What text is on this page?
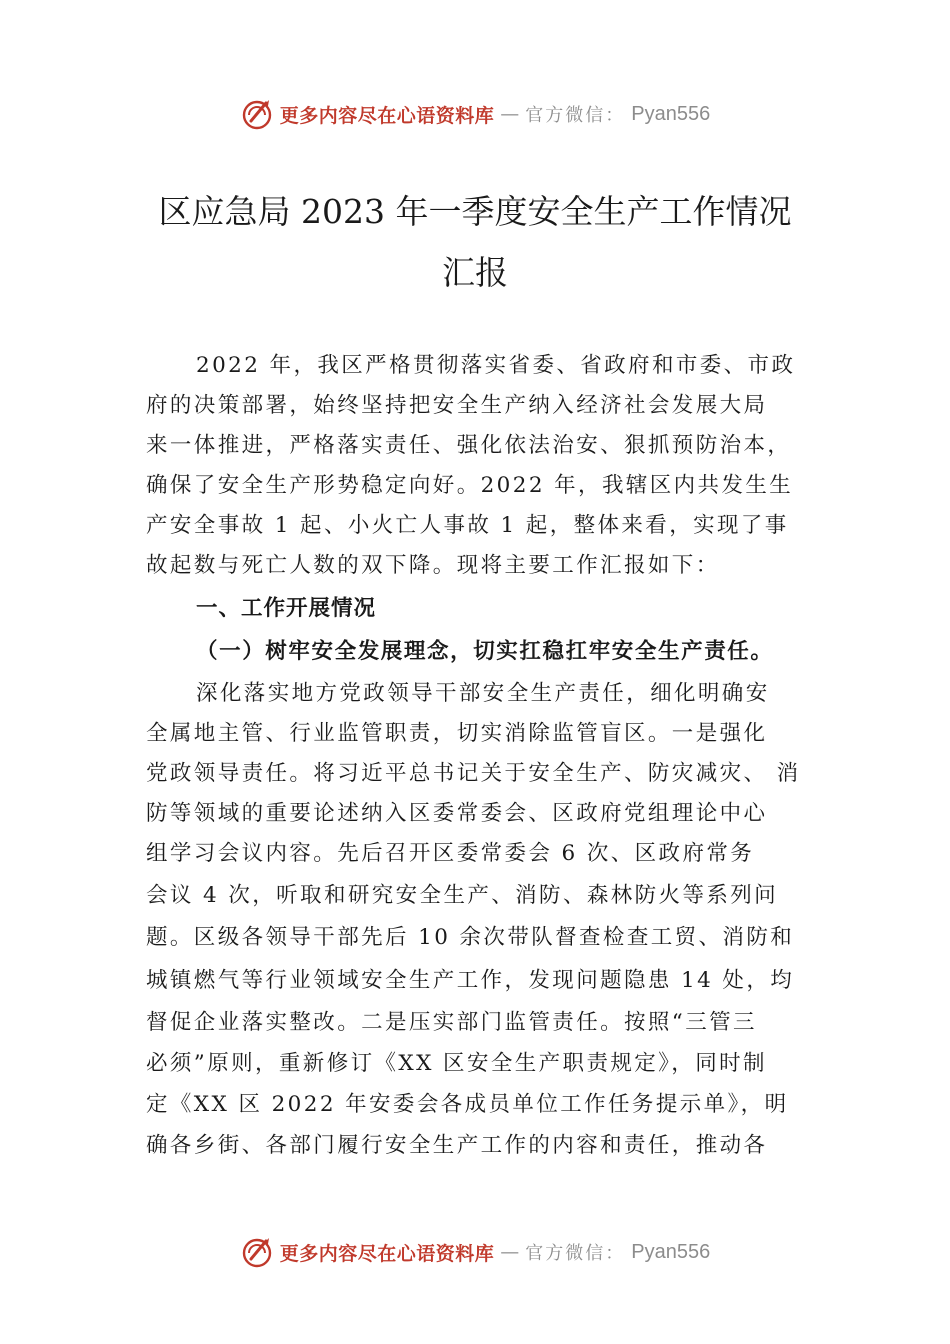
更多内容尽在心语资料库 — 官方微信： Pyan556
区应急局 2023 年一季度安全生产工作情况
汇报

2022 年，我区严格贯彻落实省委、省政府和市委、市政

府的决策部署，始终坚持把安全生产纳入经济社会发展大局

来一体推进，严格落实责任、强化依法治安、狠抓预防治本，

确保了安全生产形势稳定向好。2022 年，我辖区内共发生生

产安全事故 1 起、小火亡人事故 1 起，整体来看，实现了事

故起数与死亡人数的双下降。现将主要工作汇报如下：

一、工作开展情况

（一）树牢安全发展理念，切实扛稳扛牢安全生产责任。

深化落实地方党政领导干部安全生产责任，细化明确安

全属地主管、行业监管职责，切实消除监管盲区。一是强化

党政领导责任。将习近平总书记关于安全生产、防灾减灾、 消

防等领域的重要论述纳入区委常委会、区政府党组理论中心

组学习会议内容。先后召开区委常委会 6 次、区政府常务

会议 4 次，听取和研究安全生产、消防、森林防火等系列问

题。区级各领导干部先后 10 余次带队督查检查工贸、消防和

城镇燃气等行业领域安全生产工作，发现问题隐患 14 处，均

督促企业落实整改。二是压实部门监管责任。按照“三管三

必须”原则，重新修订《XX 区安全生产职责规定》，同时制

定《XX 区 2022 年安委会各成员单位工作任务提示单》，明

确各乡街、各部门履行安全生产工作的内容和责任，推动各

更多内容尽在心语资料库 — 官方微信： Pyan556
